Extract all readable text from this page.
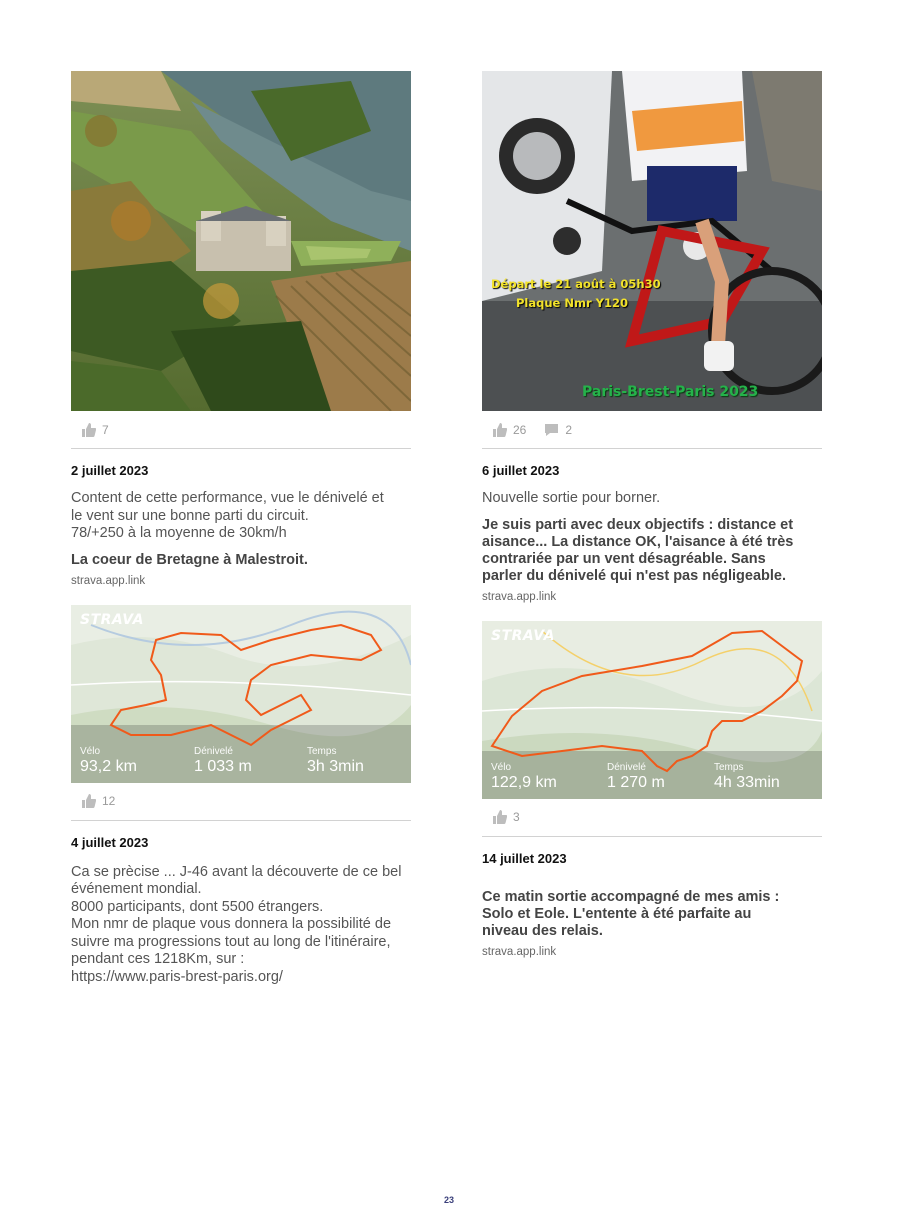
7
2 juillet 2023
Content de cette performance, vue le dénivelé et
le vent sur une bonne parti du circuit.
78/+250 à la moyenne de 30km/h
La coeur de Bretagne à Malestroit.
strava.app.link
STRAVA
Vélo
93,2 km
Dénivelé
1 033 m
Temps
3h 3min
12
4 juillet 2023
Ca se prècise ... J-46 avant la découverte de ce bel
événement mondial.
8000 participants, dont 5500 étrangers.
Mon nmr de plaque vous donnera la possibilité de
suivre ma progressions tout au long de l'itinéraire,
pendant ces 1218Km, sur :
https://www.paris-brest-paris.org/
Départ le 21 août à 05h30
Plaque Nmr Y120
Paris-Brest-Paris 2023
26	2
6 juillet 2023
Nouvelle sortie pour borner.
Je suis parti avec deux objectifs : distance et
aisance... La distance OK, l'aisance à été très
contrariée par un vent désagréable. Sans
parler du dénivelé qui n'est pas négligeable.
strava.app.link
STRAVA
Vélo
122,9 km
Dénivelé
1 270 m
Temps
4h 33min
3
14 juillet 2023
Ce matin sortie accompagné de mes amis :
Solo et Eole. L'entente à été parfaite au
niveau des relais.
strava.app.link
23
